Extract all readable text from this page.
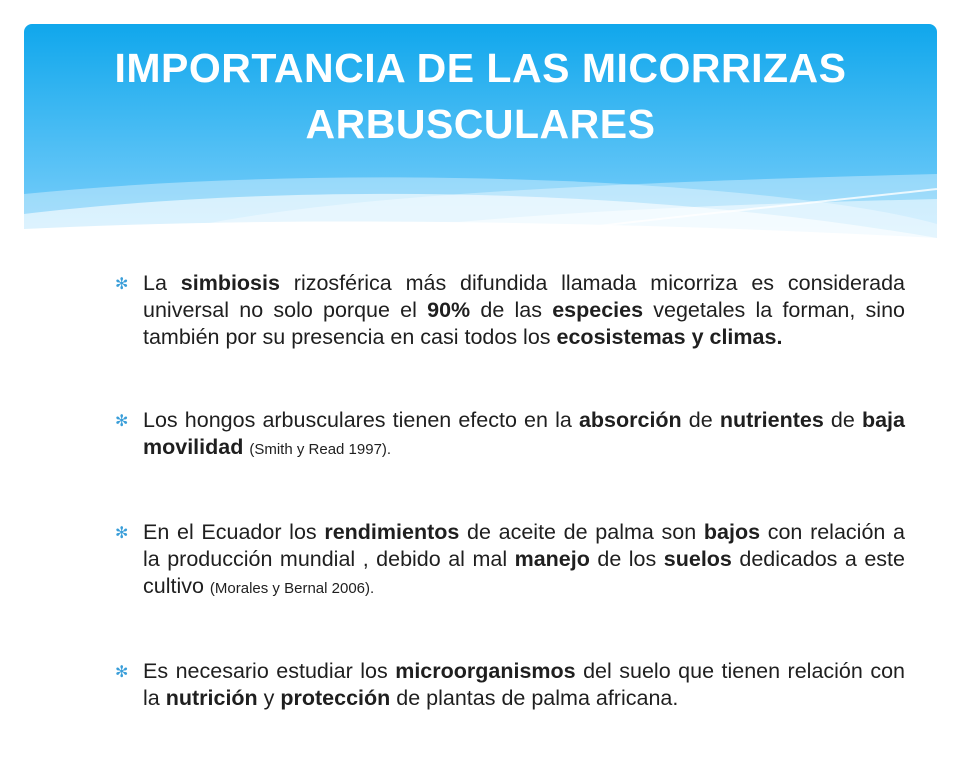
IMPORTANCIA DE LAS MICORRIZAS
ARBUSCULARES
✻ La simbiosis rizosférica más difundida llamada micorriza es considerada universal no solo porque el 90% de las especies vegetales la forman, sino también por su presencia en casi todos los ecosistemas y climas.
✻ Los hongos arbusculares tienen efecto en la absorción de nutrientes de baja movilidad (Smith y Read 1997).
✻ En el Ecuador los rendimientos de aceite de palma son bajos con relación a la producción mundial , debido al mal manejo de los suelos dedicados a este cultivo (Morales y Bernal 2006).
✻ Es necesario estudiar los microorganismos del suelo que tienen relación con la nutrición y protección de plantas de palma africana.
